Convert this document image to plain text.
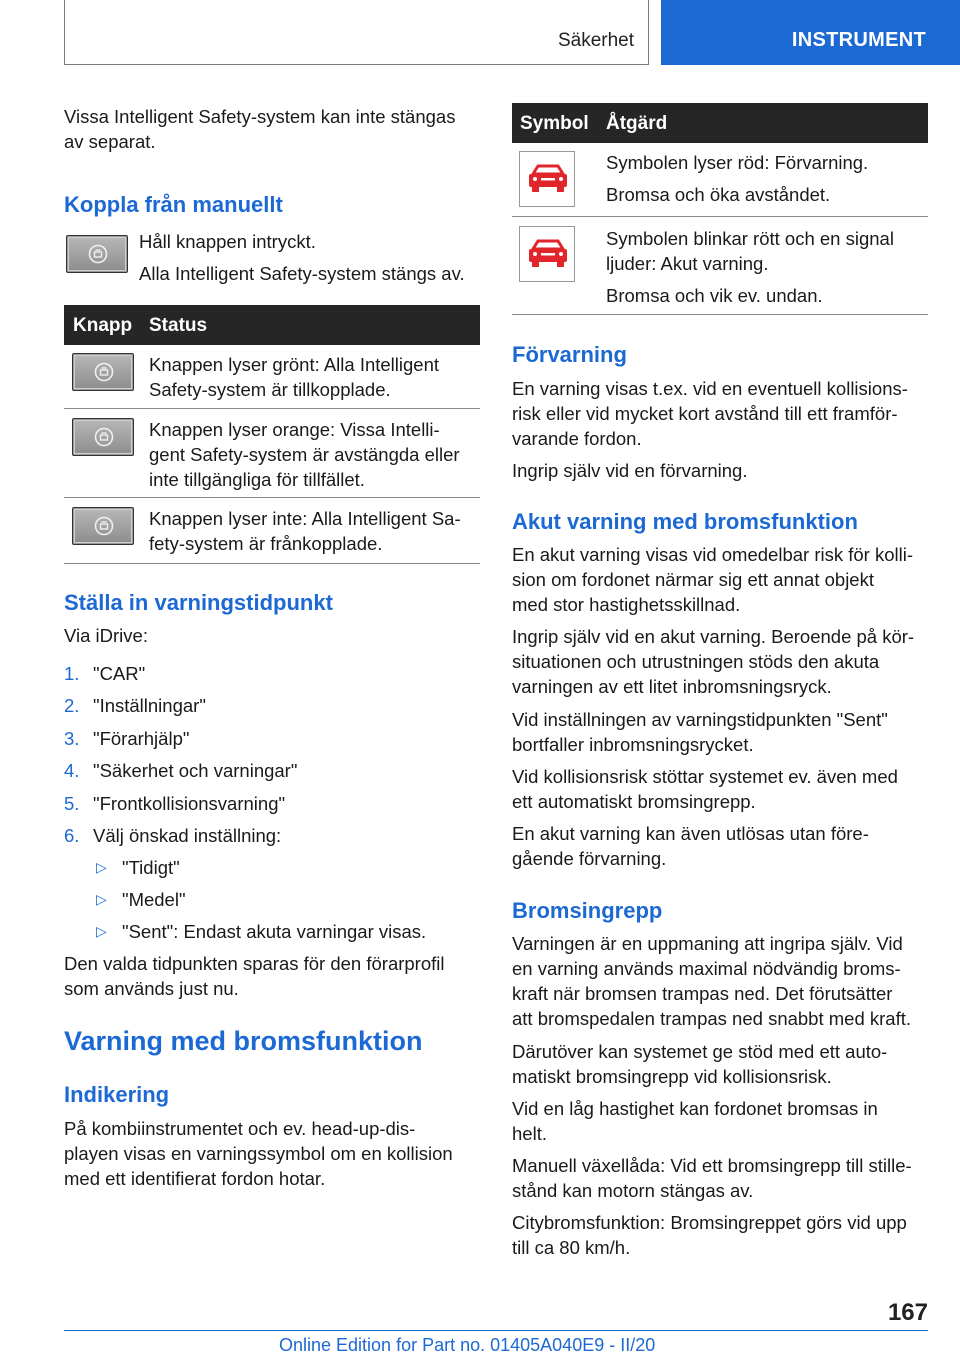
Säkerhet	INSTRUMENT

Vissa Intelligent Safety-system kan inte stängas

av separat.

Koppla från manuellt

Håll knappen intryckt.

Alla Intelligent Safety-system stängs av.

Knapp Status

Knappen lyser grönt: Alla Intelligent

Safety-system är tillkopplade.

Knappen lyser orange: Vissa Intelli-

gent Safety-system är avstängda eller

inte tillgängliga för tillfället.

Knappen lyser inte: Alla Intelligent Sa-

fety-system är frånkopplade.

Ställa in varningstidpunkt

Via iDrive:

1. "CAR"
2. "Inställningar"
3. "Förarhjälp"
4. "Säkerhet och varningar"
5. "Frontkollisionsvarning"
6. Välj önskad inställning:
▷ "Tidigt"
▷ "Medel"
▷ "Sent": Endast akuta varningar visas.

Den valda tidpunkten sparas för den förarprofil

som används just nu.

Varning med bromsfunktion
Indikering

På kombiinstrumentet och ev. head-up-dis-

playen visas en varningssymbol om en kollision

med ett identifierat fordon hotar.

Symbol Åtgärd

Symbolen lyser röd: Förvarning.

Bromsa och öka avståndet.

Symbolen blinkar rött och en signal

ljuder: Akut varning.

Bromsa och vik ev. undan.

Förvarning

En varning visas t.ex. vid en eventuell kollisions-

risk eller vid mycket kort avstånd till ett framför-

varande fordon.

Ingrip själv vid en förvarning.

Akut varning med bromsfunktion

En akut varning visas vid omedelbar risk för kolli-

sion om fordonet närmar sig ett annat objekt

med stor hastighetsskillnad.

Ingrip själv vid en akut varning. Beroende på kör-

situationen och utrustningen stöds den akuta

varningen av ett litet inbromsningsryck.

Vid inställningen av varningstidpunkten "Sent"

bortfaller inbromsningsrycket.

Vid kollisionsrisk stöttar systemet ev. även med

ett automatiskt bromsingrepp.

En akut varning kan även utlösas utan före-

gående förvarning.

Bromsingrepp

Varningen är en uppmaning att ingripa själv. Vid

en varning används maximal nödvändig broms-

kraft när bromsen trampas ned. Det förutsätter

att bromspedalen trampas ned snabbt med kraft.

Därutöver kan systemet ge stöd med ett auto-

matiskt bromsingrepp vid kollisionsrisk.

Vid en låg hastighet kan fordonet bromsas in

helt.

Manuell växellåda: Vid ett bromsingrepp till stille-

stånd kan motorn stängas av.

Citybromsfunktion: Bromsingreppet görs vid upp

till ca 80 km/h.

167
Online Edition for Part no. 01405A040E9 - II/20
